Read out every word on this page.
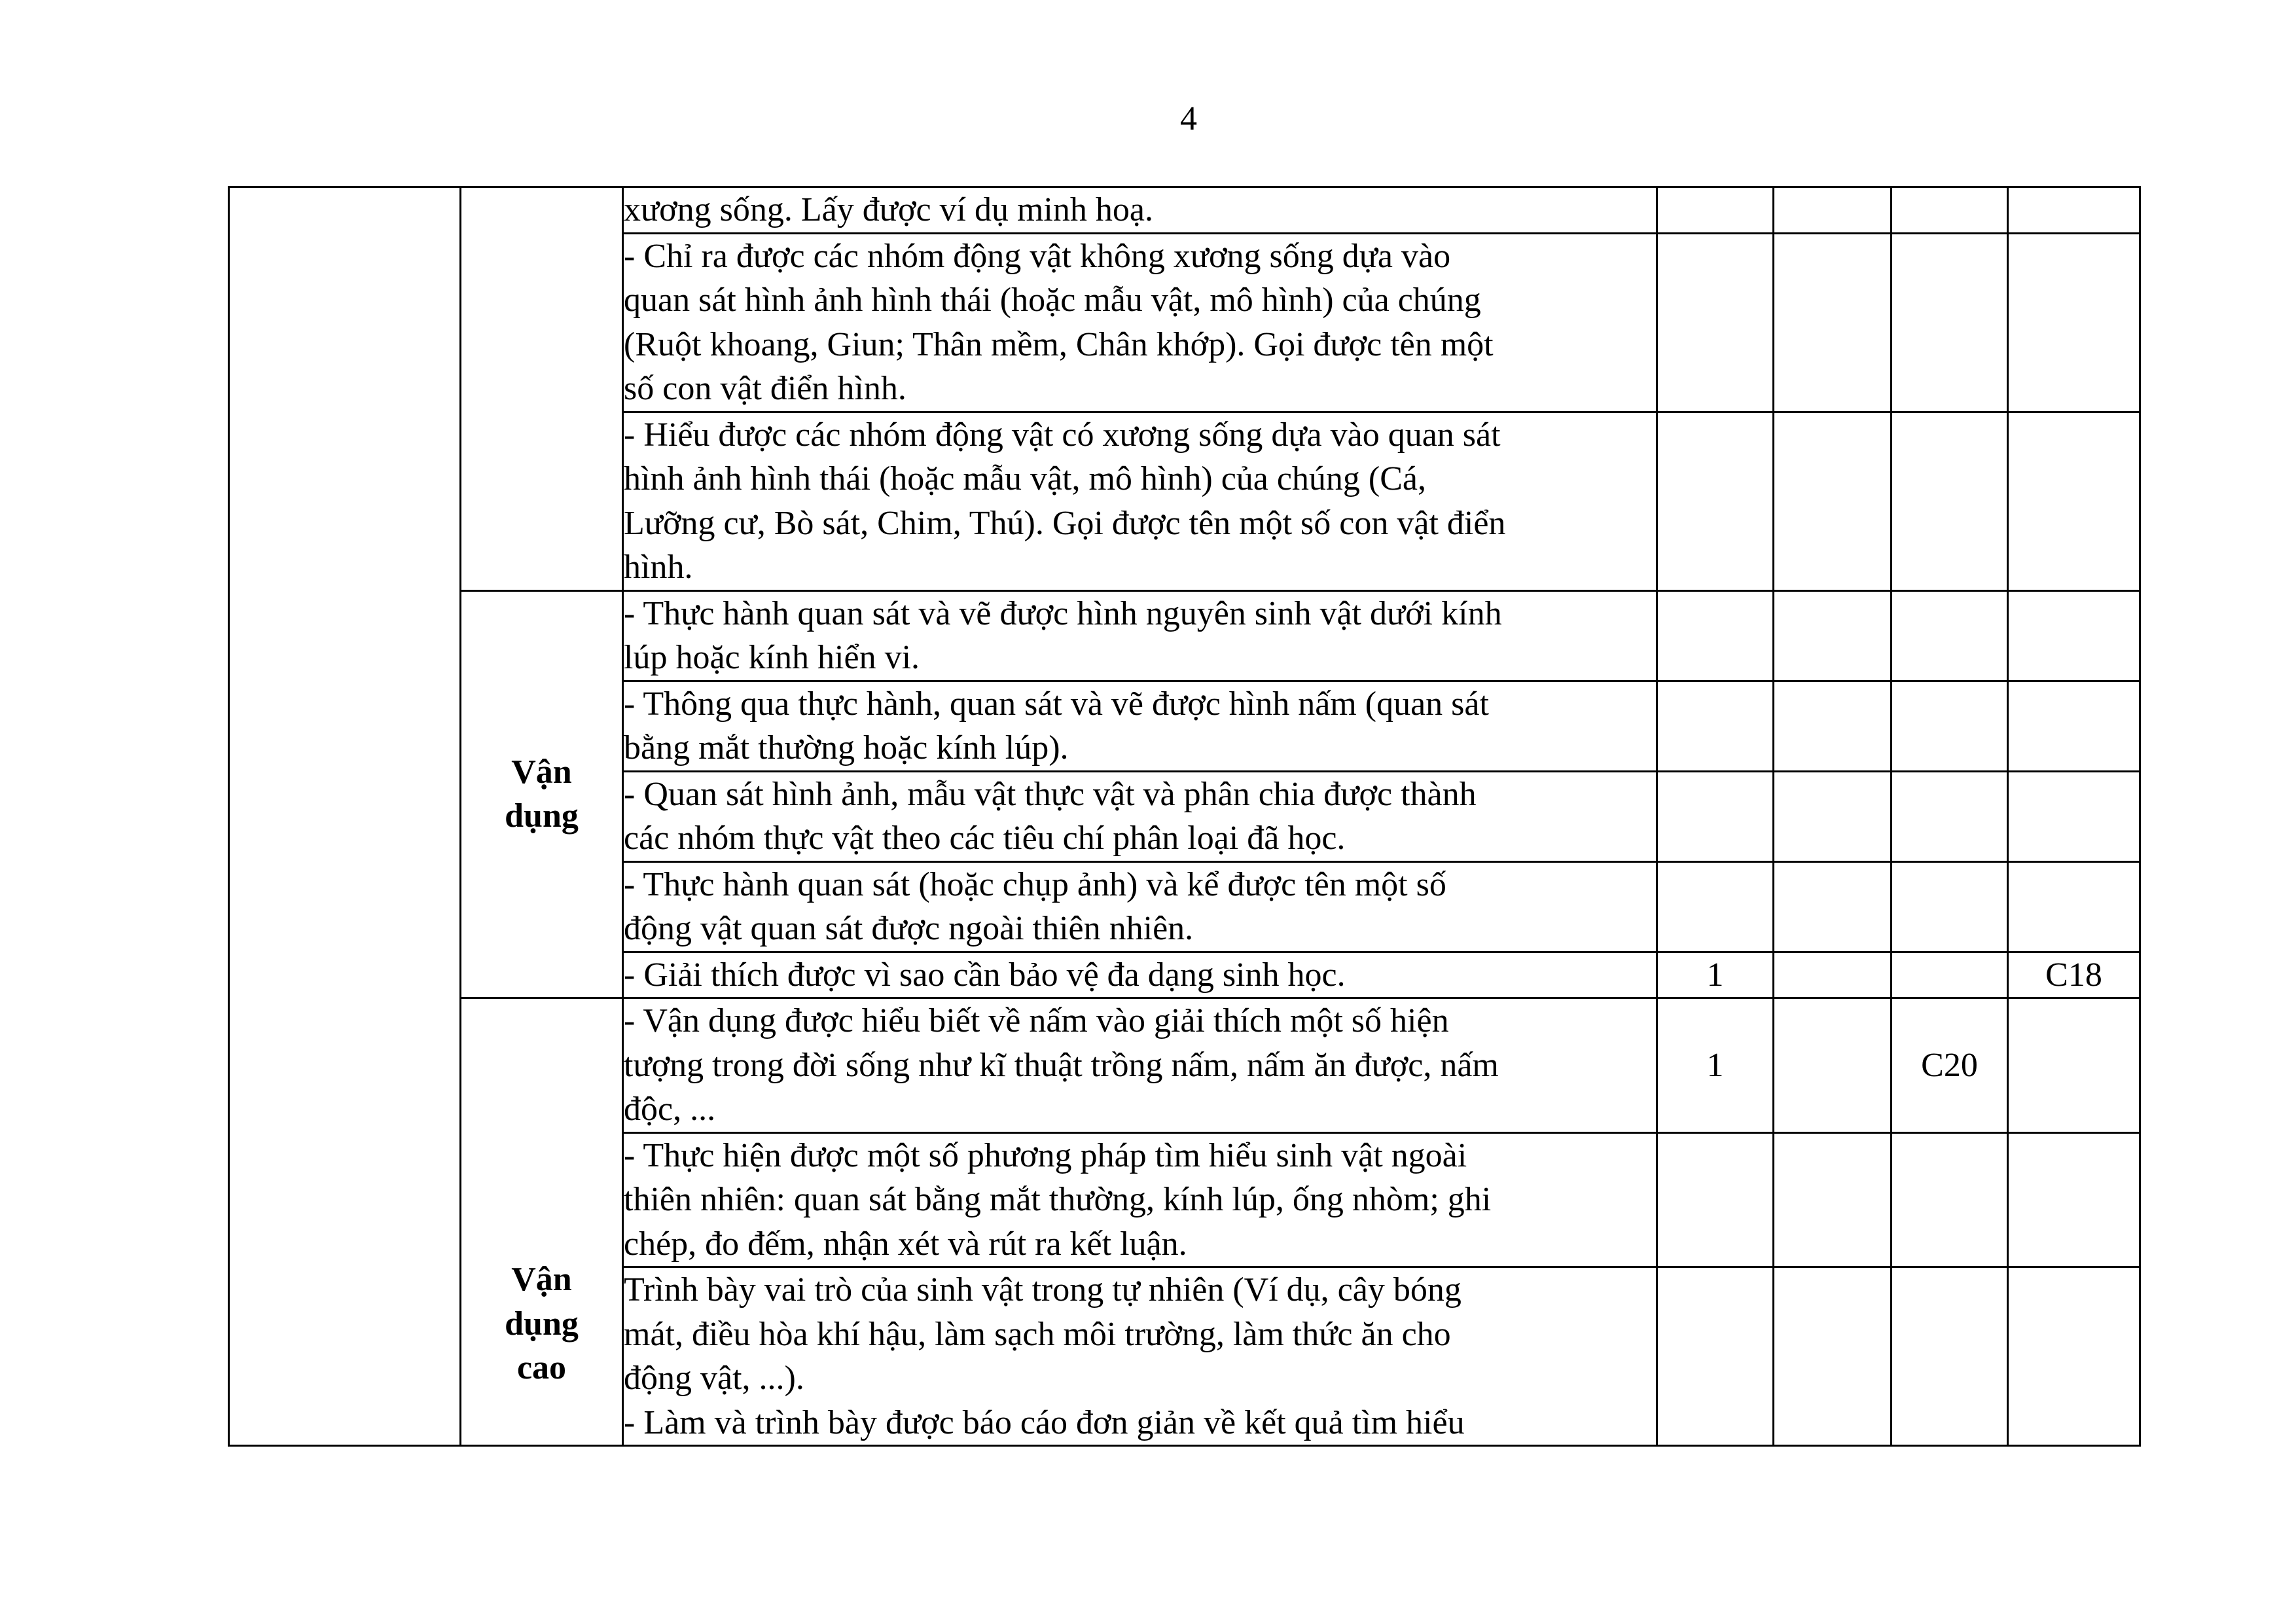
4

		xương sống. Lấy được ví dụ minh hoạ.				

		- Chỉ ra được các nhóm động vật không xương sống dựa vào
quan sát hình ảnh hình thái (hoặc mẫu vật, mô hình) của chúng
(Ruột khoang, Giun; Thân mềm, Chân khớp). Gọi được tên một
số con vật điển hình.				

		- Hiểu được các nhóm động vật có xương sống dựa vào quan sát
hình ảnh hình thái (hoặc mẫu vật, mô hình) của chúng (Cá,
Lưỡng cư, Bò sát, Chim, Thú). Gọi được tên một số con vật điển
hình.				

	Vận
dụng	- Thực hành quan sát và vẽ được hình nguyên sinh vật dưới kính
lúp hoặc kính hiển vi.				

		- Thông qua thực hành, quan sát và vẽ được hình nấm (quan sát
bằng mắt thường hoặc kính lúp).				

		- Quan sát hình ảnh, mẫu vật thực vật và phân chia được thành
các nhóm thực vật theo các tiêu chí phân loại đã học.				

		- Thực hành quan sát (hoặc chụp ảnh) và kể được tên một số
động vật quan sát được ngoài thiên nhiên.				

		- Giải thích được vì sao cần bảo vệ đa dạng sinh học.	1			C18

	Vận
dụng
cao	- Vận dụng được hiểu biết về nấm vào giải thích một số hiện
tượng trong đời sống như kĩ thuật trồng nấm, nấm ăn được, nấm
độc, ...	1		C20	

		- Thực hiện được một số phương pháp tìm hiểu sinh vật ngoài
thiên nhiên: quan sát bằng mắt thường, kính lúp, ống nhòm; ghi
chép, đo đếm, nhận xét và rút ra kết luận.				

		Trình bày vai trò của sinh vật trong tự nhiên (Ví dụ, cây bóng
mát, điều hòa khí hậu, làm sạch môi trường, làm thức ăn cho
động vật, ...).
- Làm và trình bày được báo cáo đơn giản về kết quả tìm hiểu				
